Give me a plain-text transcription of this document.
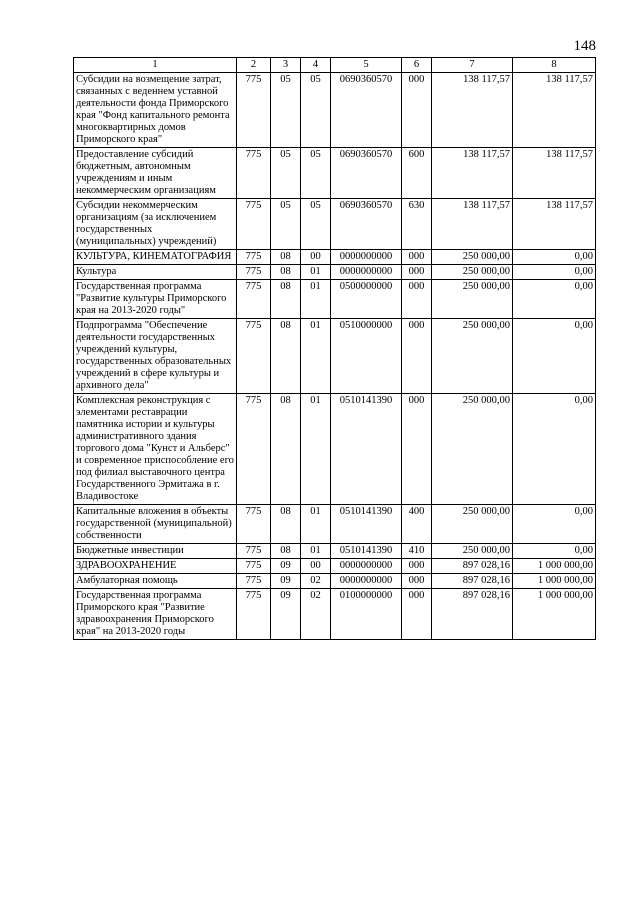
148
1	2	3	4	5	6	7	8
Субсидии на возмещение затрат, связанных с веденнем уставной деятельности фонда Приморского края "Фонд капитального ремонта многоквартирных домов Приморского края"	775	05	05	0690360570	000	138 117,57	138 117,57
Предоставление субсидий бюджетным, автономным учреждениям и иным некоммерческим организациям	775	05	05	0690360570	600	138 117,57	138 117,57
Субсидии некоммерческим организациям (за исключением государственных (муниципальных) учреждений)	775	05	05	0690360570	630	138 117,57	138 117,57
КУЛЬТУРА, КИНЕМАТОГРАФИЯ	775	08	00	0000000000	000	250 000,00	0,00
Культура	775	08	01	0000000000	000	250 000,00	0,00
Государственная программа "Развитие культуры Приморского края на 2013-2020 годы"	775	08	01	0500000000	000	250 000,00	0,00
Подпрограмма "Обеспечение деятельности государственных учреждений культуры, государственных образовательных учреждений в сфере культуры и архивного дела"	775	08	01	0510000000	000	250 000,00	0,00
Комплексная реконструкция с элементами реставрации памятника истории и культуры административного здания торгового дома "Кунст и Альберс" и современное приспособление его под филиал выставочного центра Государственного Эрмитажа в г. Владивостоке	775	08	01	0510141390	000	250 000,00	0,00
Капитальные вложения в объекты государственной (муниципальной) собственности	775	08	01	0510141390	400	250 000,00	0,00
Бюджетные инвестиции	775	08	01	0510141390	410	250 000,00	0,00
ЗДРАВООХРАНЕНИЕ	775	09	00	0000000000	000	897 028,16	1 000 000,00
Амбулаторная помощь	775	09	02	0000000000	000	897 028,16	1 000 000,00
Государственная программа Приморского края "Развитие здравоохранения Приморского края" на 2013-2020 годы	775	09	02	0100000000	000	897 028,16	1 000 000,00
